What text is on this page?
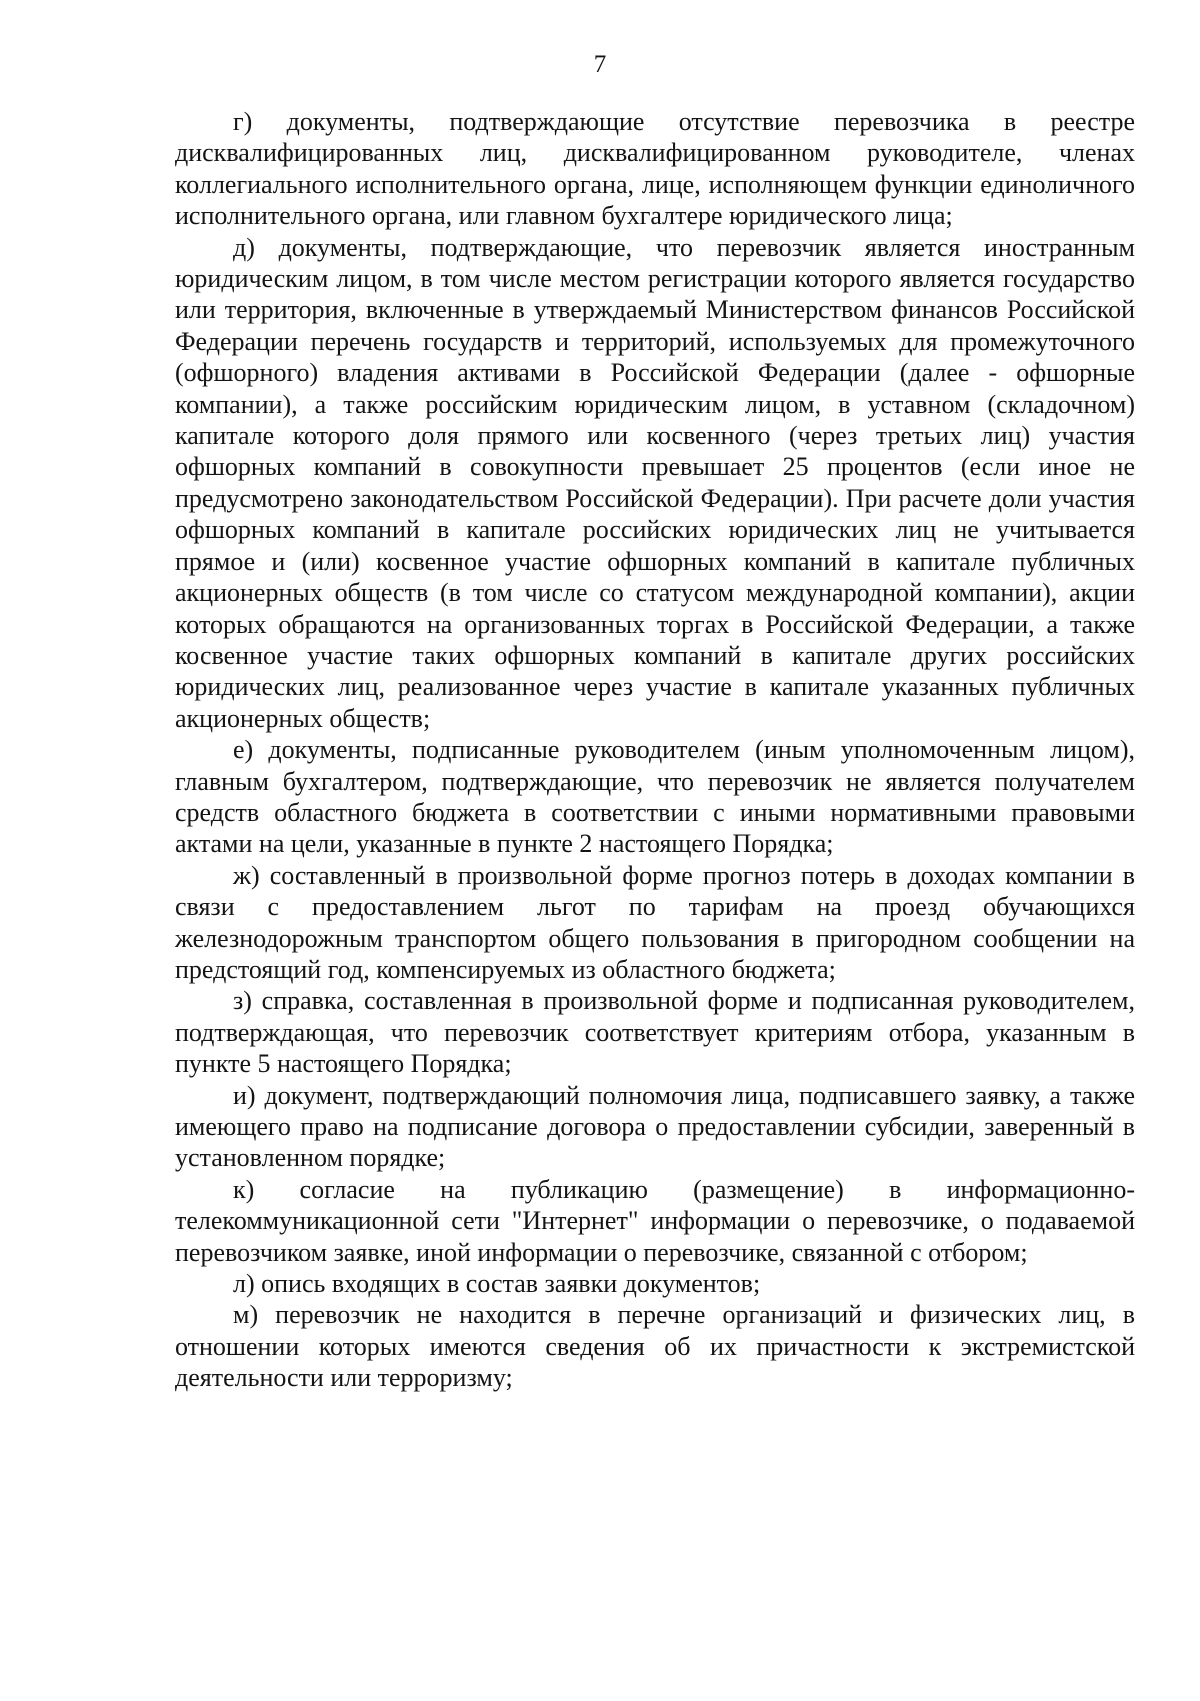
7

г) документы, подтверждающие отсутствие перевозчика в реестре дисквалифицированных лиц, дисквалифицированном руководителе, членах коллегиального исполнительного органа, лице, исполняющем функции единоличного исполнительного органа, или главном бухгалтере юридического лица;

д) документы, подтверждающие, что перевозчик является иностранным юридическим лицом, в том числе местом регистрации которого является государство или территория, включенные в утверждаемый Министерством финансов Российской Федерации перечень государств и территорий, используемых для промежуточного (офшорного) владения активами в Российской Федерации (далее - офшорные компании), а также российским юридическим лицом, в уставном (складочном) капитале которого доля прямого или косвенного (через третьих лиц) участия офшорных компаний в совокупности превышает 25 процентов (если иное не предусмотрено законодательством Российской Федерации). При расчете доли участия офшорных компаний в капитале российских юридических лиц не учитывается прямое и (или) косвенное участие офшорных компаний в капитале публичных акционерных обществ (в том числе со статусом международной компании), акции которых обращаются на организованных торгах в Российской Федерации, а также косвенное участие таких офшорных компаний в капитале других российских юридических лиц, реализованное через участие в капитале указанных публичных акционерных обществ;

е) документы, подписанные руководителем (иным уполномоченным лицом), главным бухгалтером, подтверждающие, что перевозчик не является получателем средств областного бюджета в соответствии с иными нормативными правовыми актами на цели, указанные в пункте 2 настоящего Порядка;

ж) составленный в произвольной форме прогноз потерь в доходах компании в связи с предоставлением льгот по тарифам на проезд обучающихся железнодорожным транспортом общего пользования в пригородном сообщении на предстоящий год, компенсируемых из областного бюджета;

з) справка, составленная в произвольной форме и подписанная руководителем, подтверждающая, что перевозчик соответствует критериям отбора, указанным в пункте 5 настоящего Порядка;

и) документ, подтверждающий полномочия лица, подписавшего заявку, а также имеющего право на подписание договора о предоставлении субсидии, заверенный в установленном порядке;

к) согласие на публикацию (размещение) в информационно-телекоммуникационной сети "Интернет" информации о перевозчике, о подаваемой перевозчиком заявке, иной информации о перевозчике, связанной с отбором;

л) опись входящих в состав заявки документов;

м) перевозчик не находится в перечне организаций и физических лиц, в отношении которых имеются сведения об их причастности к экстремистской деятельности или терроризму;
